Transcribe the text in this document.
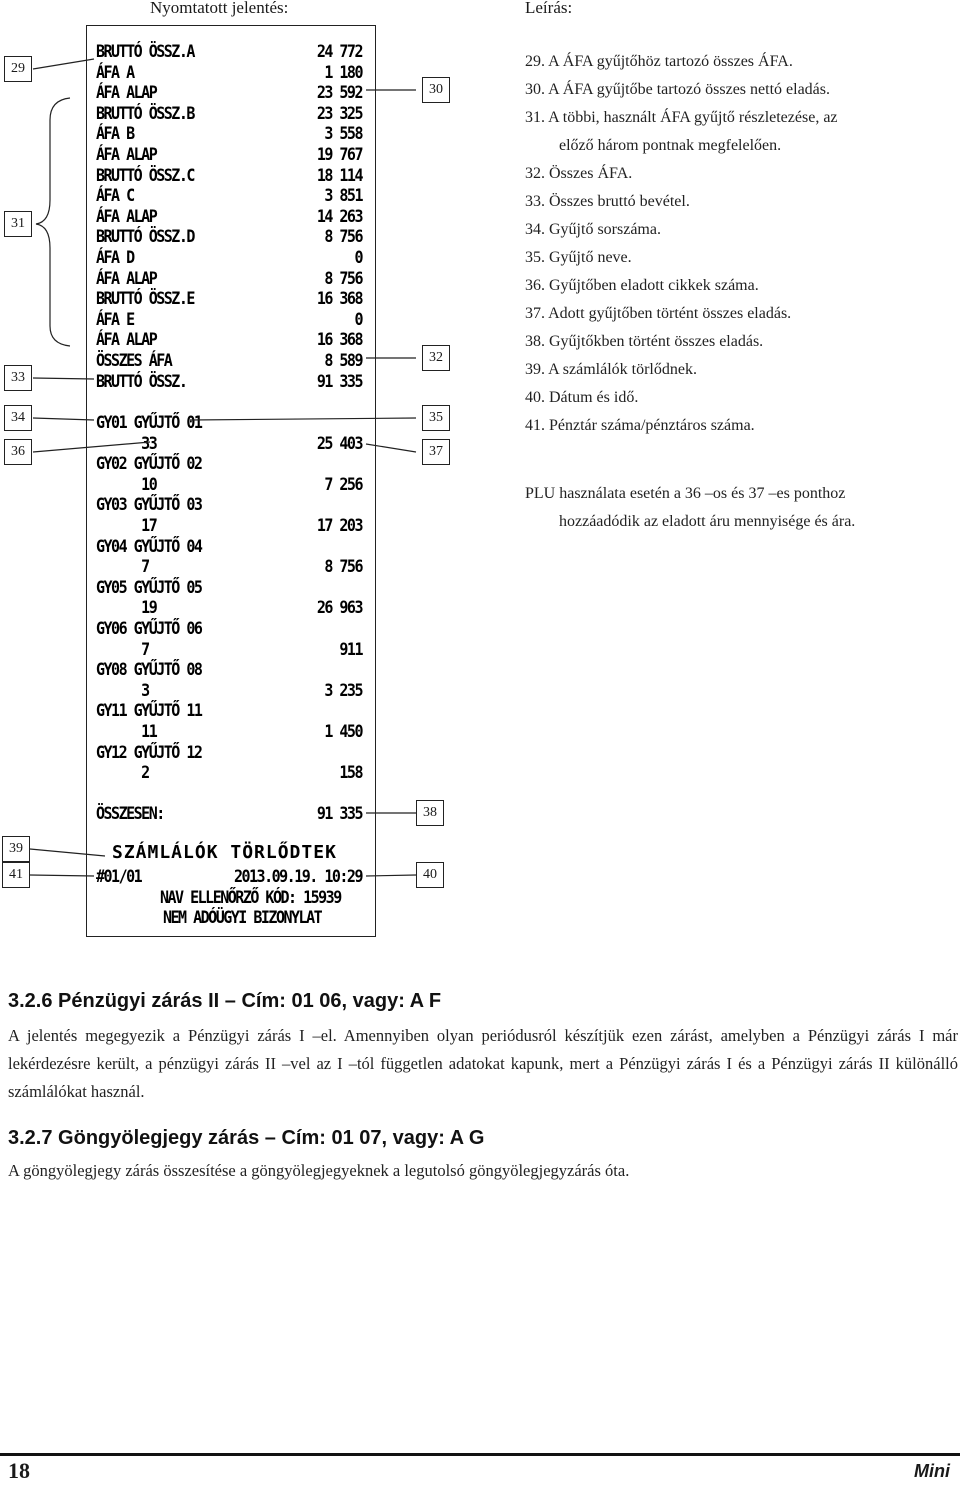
Nyomtatott jelentés:	Leírás:
BRUTTÓ ÖSSZ.A	24 772
ÁFA A	1 180
ÁFA ALAP	23 592
BRUTTÓ ÖSSZ.B	23 325
ÁFA B	3 558
ÁFA ALAP	19 767
BRUTTÓ ÖSSZ.C	18 114
ÁFA C	3 851
ÁFA ALAP	14 263
BRUTTÓ ÖSSZ.D	8 756
ÁFA D	0
ÁFA ALAP	8 756
BRUTTÓ ÖSSZ.E	16 368
ÁFA E	0
ÁFA ALAP	16 368
ÖSSZES ÁFA	8 589
BRUTTÓ ÖSSZ.	91 335
GY01 GYŰJTŐ 01
33	25 403
GY02 GYŰJTŐ 02
10	7 256
GY03 GYŰJTŐ 03
17	17 203
GY04 GYŰJTŐ 04
7	8 756
GY05 GYŰJTŐ 05
19	26 963
GY06 GYŰJTŐ 06
7	911
GY08 GYŰJTŐ 08
3	3 235
GY11 GYŰJTŐ 11
11	1 450
GY12 GYŰJTŐ 12
2	158
ÖSSZESEN:	91 335
SZÁMLÁLÓK TÖRLŐDTEK
#01/01	2013.09.19. 10:29
NAV ELLENŐRZŐ KÓD: 15939
NEM ADÓÜGYI BIZONYLAT
29
30
31
32
33
34	35
36	37
38
39
40
41
29. A ÁFA gyűjtőhöz tartozó összes ÁFA.
30. A ÁFA gyűjtőbe tartozó összes nettó eladás.
31. A többi, használt ÁFA gyűjtő részletezése, az
előző három pontnak megfelelően.
32. Összes ÁFA.
33. Összes bruttó bevétel.
34. Gyűjtő sorszáma.
35. Gyűjtő neve.
36. Gyűjtőben eladott cikkek száma.
37. Adott gyűjtőben történt összes eladás.
38. Gyűjtőkben történt összes eladás.
39. A számlálók törlődnek.
40. Dátum és idő.
41. Pénztár száma/pénztáros száma.
PLU használata esetén a 36 –os és 37 –es ponthoz
hozzáadódik az eladott áru mennyisége és ára.
3.2.6 Pénzügyi zárás II – Cím: 01 06, vagy: A F

A jelentés megegyezik a Pénzügyi zárás I –el. Amennyiben olyan periódusról készítjük ezen zárást, amelyben a Pénzügyi zárás I már lekérdezésre került, a pénzügyi zárás II –vel az I –tól független adatokat kapunk, mert a Pénzügyi zárás I és a Pénzügyi zárás II különálló számlálókat használ.

3.2.7 Göngyölegjegy zárás – Cím: 01 07, vagy: A G

A göngyölegjegy zárás összesítése a göngyölegjegyeknek a legutolsó göngyölegjegyzárás óta.

18	Mini
